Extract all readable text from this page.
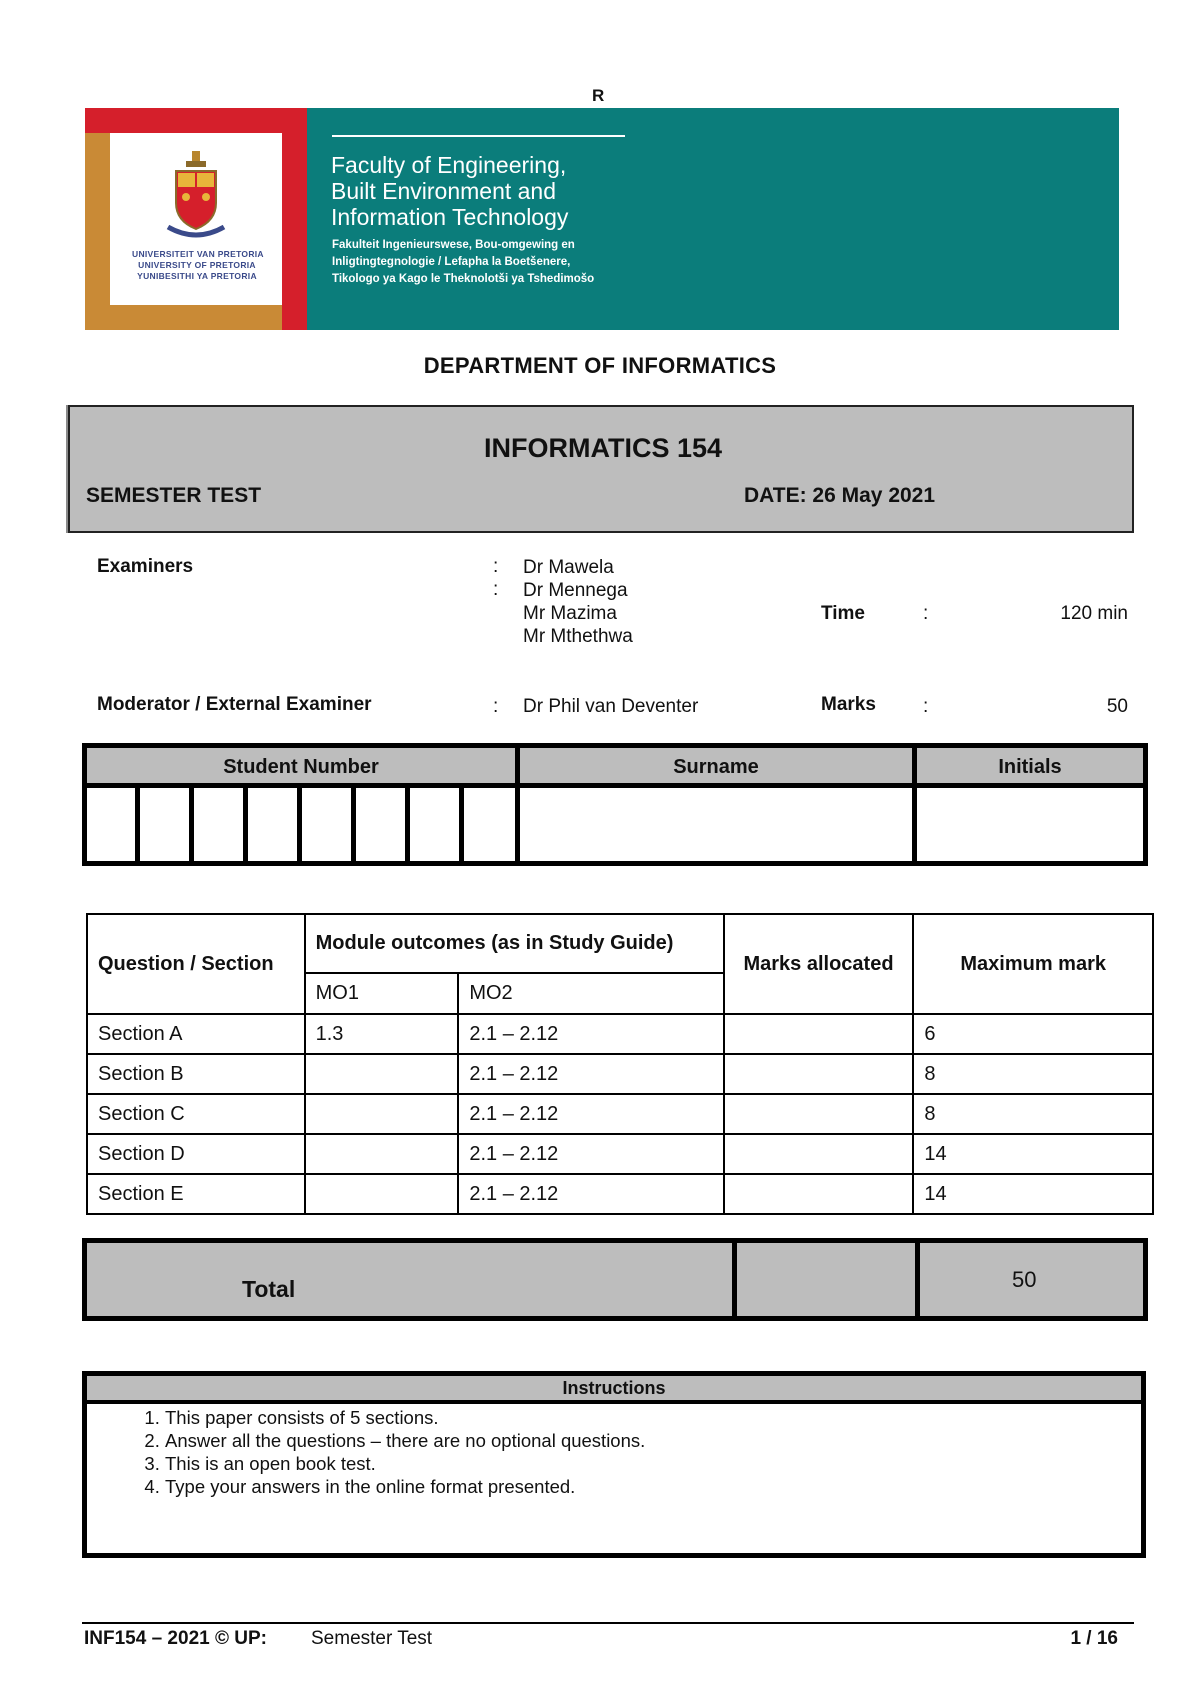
R
UNIVERSITEIT VAN PRETORIA
UNIVERSITY OF PRETORIA
YUNIBESITHI YA PRETORIA
Faculty of Engineering,
Built Environment and
Information Technology
Fakulteit Ingenieurswese, Bou-omgewing en
Inligtingtegnologie / Lefapha la Boetšenere,
Tikologo ya Kago le Theknolotši ya Tshedimošo
DEPARTMENT OF INFORMATICS
INFORMATICS 154
SEMESTER TEST	DATE: 26 May 2021
Examiners	:
:
Dr Mawela
Dr Mennega
Mr Mazima
Mr Mthethwa
Time	:	120 min
Moderator / External Examiner	: Dr Phil van Deventer	Marks :	50
Student Number	Surname	Initials
Question / Section	Module outcomes (as in Study Guide)		Marks allocated	Maximum mark
	MO1	MO2		
Section A	1.3	2.1 – 2.12		6
Section B		2.1 – 2.12		8
Section C		2.1 – 2.12		8
Section D		2.1 – 2.12		14
Section E		2.1 – 2.12		14
Total	50
Instructions
1. This paper consists of 5 sections.
2. Answer all the questions – there are no optional questions.
3. This is an open book test.
4. Type your answers in the online format presented.
INF154 – 2021 © UP: Semester Test	1 / 16
